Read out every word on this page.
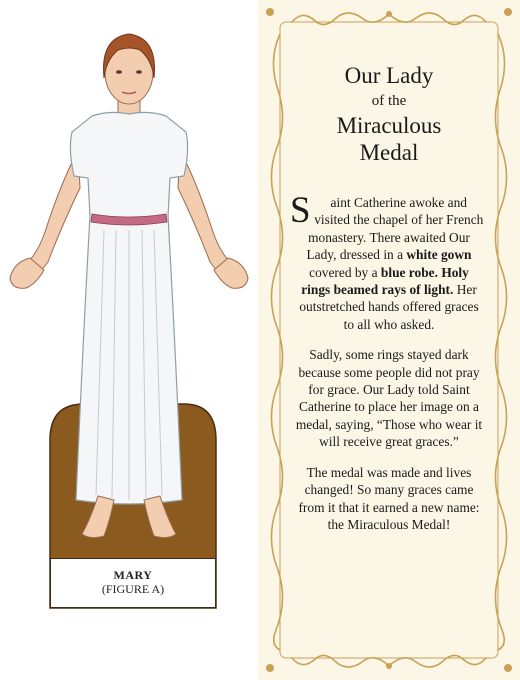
MARY
(FIGURE A)
Our Lady
of the
Miraculous
Medal

S aint Catherine awoke and visited the chapel of her French monastery. There awaited Our Lady, dressed in a white gown covered by a blue robe. Holy rings beamed rays of light. Her outstretched hands offered graces to all who asked.

Sadly, some rings stayed dark because some people did not pray for grace. Our Lady told Saint Catherine to place her image on a medal, saying, “Those who wear it will receive great graces.”

The medal was made and lives changed! So many graces came from it that it earned a new name: the Miraculous Medal!
